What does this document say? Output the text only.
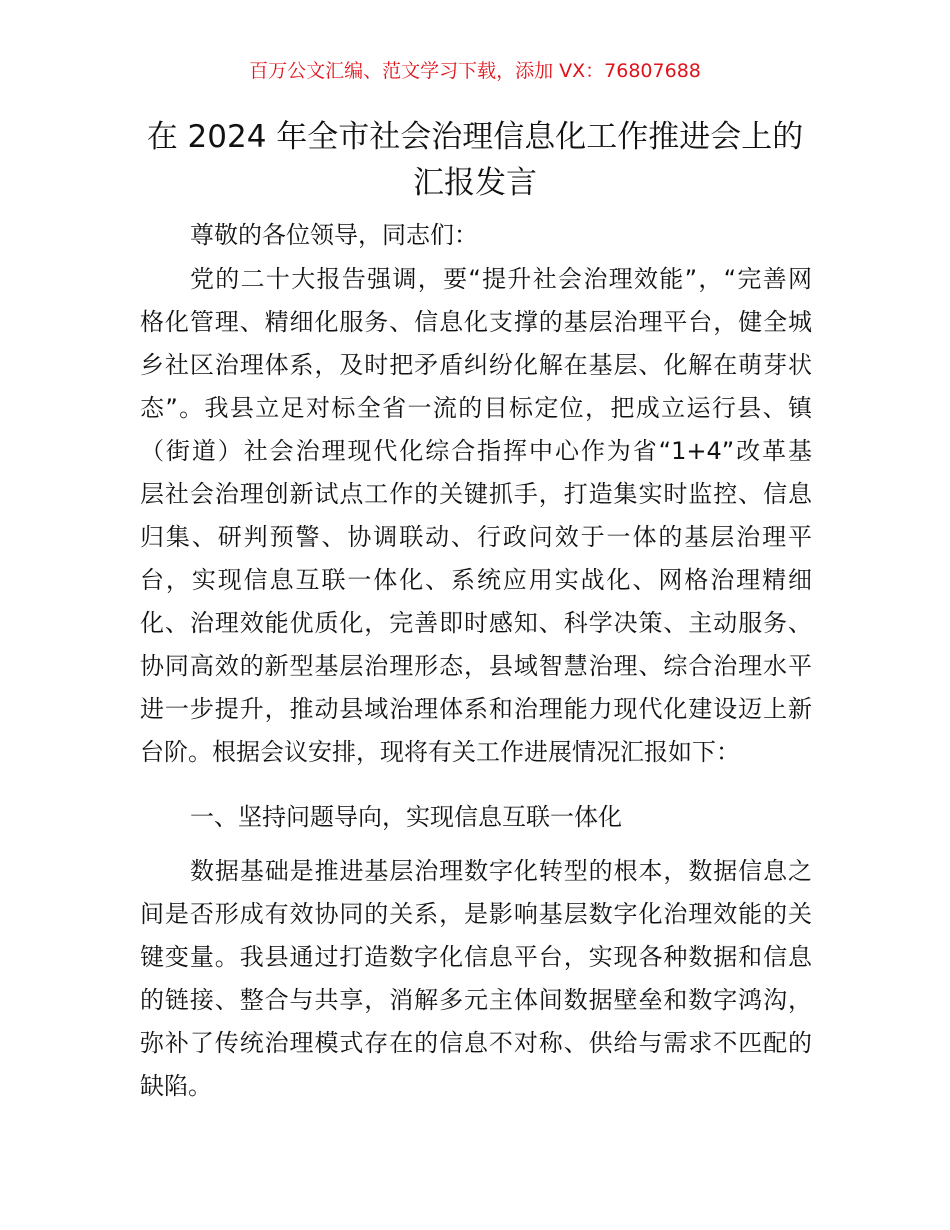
百万公文汇编、范文学习下载，添加 VX：76807688
在 2024 年全市社会治理信息化工作推进会上的
汇报发言
尊敬的各位领导，同志们：
党的二十大报告强调，要“提升社会治理效能”，“完善网
格化管理、精细化服务、信息化支撑的基层治理平台，健全城
乡社区治理体系，及时把矛盾纠纷化解在基层、化解在萌芽状
态”。我县立足对标全省一流的目标定位，把成立运行县、镇
（街道）社会治理现代化综合指挥中心作为省“1+4”改革基
层社会治理创新试点工作的关键抓手，打造集实时监控、信息
归集、研判预警、协调联动、行政问效于一体的基层治理平
台，实现信息互联一体化、系统应用实战化、网格治理精细
化、治理效能优质化，完善即时感知、科学决策、主动服务、
协同高效的新型基层治理形态，县域智慧治理、综合治理水平
进一步提升，推动县域治理体系和治理能力现代化建设迈上新
台阶。根据会议安排，现将有关工作进展情况汇报如下：
一、坚持问题导向，实现信息互联一体化
数据基础是推进基层治理数字化转型的根本，数据信息之
间是否形成有效协同的关系，是影响基层数字化治理效能的关
键变量。我县通过打造数字化信息平台，实现各种数据和信息
的链接、整合与共享，消解多元主体间数据壁垒和数字鸿沟，
弥补了传统治理模式存在的信息不对称、供给与需求不匹配的
缺陷。
